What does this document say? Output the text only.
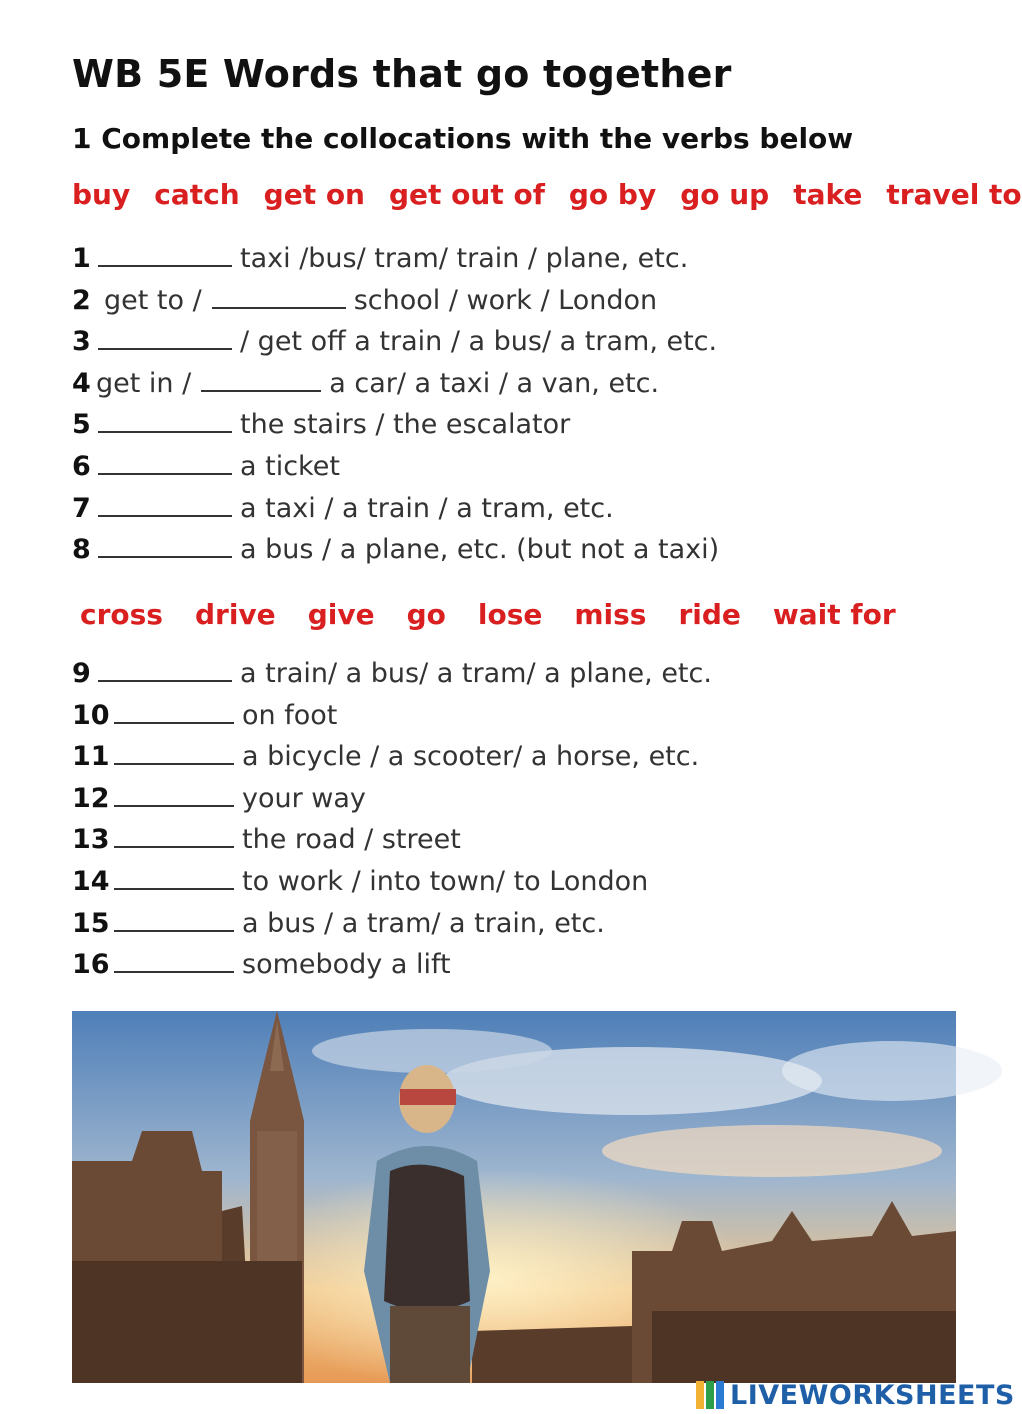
WB 5E Words that go together
1 Complete the collocations with the verbs below
buy catch get on get out of go by go up take travel to
1	taxi /bus/ tram/ train / plane, etc.
2 get to /	school / work / London
3	/ get off a train / a bus/ a tram, etc.
4 get in /	a car/ a taxi / a van, etc.
5	the stairs / the escalator
6	a ticket
7	a taxi / a train / a tram, etc.
8	a bus / a plane, etc. (but not a taxi)
cross drive give go lose miss ride wait for
9	a train/ a bus/ a tram/ a plane, etc.
10	on foot
11	a bicycle / a scooter/ a horse, etc.
12	your way
13	the road / street
14	to work / into town/ to London
15	a bus / a tram/ a train, etc.
16	somebody a lift
LIVEWORKSHEETS
